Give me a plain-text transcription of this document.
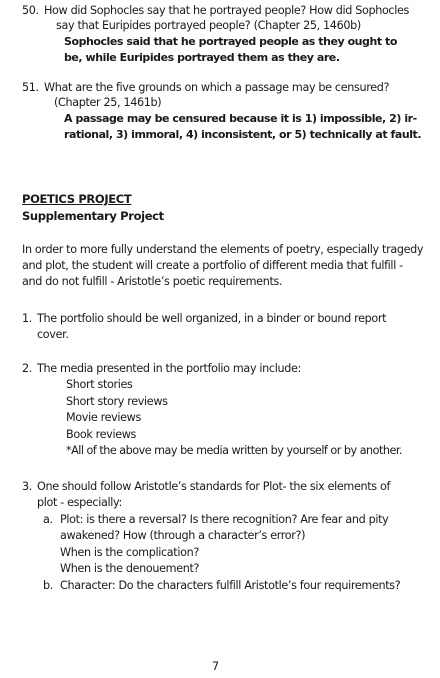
50. How did Sophocles say that he portrayed people? How did Sophocles
say that Euripides portrayed people? (Chapter 25, 1460b)
Sophocles said that he portrayed people as they ought to
be, while Euripides portrayed them as they are.
51. What are the five grounds on which a passage may be censured?
(Chapter 25, 1461b)
A passage may be censured because it is 1) impossible, 2) ir-
rational, 3) immoral, 4) inconsistent, or 5) technically at fault.
POETICS PROJECT
Supplementary Project
In order to more fully understand the elements of poetry, especially tragedy
and plot, the student will create a portfolio of different media that fulfill -
and do not fulfill - Aristotle’s poetic requirements.
1. The portfolio should be well organized, in a binder or bound report
cover.
2. The media presented in the portfolio may include:
Short stories
Short story reviews
Movie reviews
Book reviews
*All of the above may be media written by yourself or by another.
3. One should follow Aristotle’s standards for Plot- the six elements of
plot - especially:
a. Plot: is there a reversal? Is there recognition? Are fear and pity
awakened? How (through a character’s error?)
When is the complication?
When is the denouement?
b. Character: Do the characters fulfill Aristotle’s four requirements?
7
